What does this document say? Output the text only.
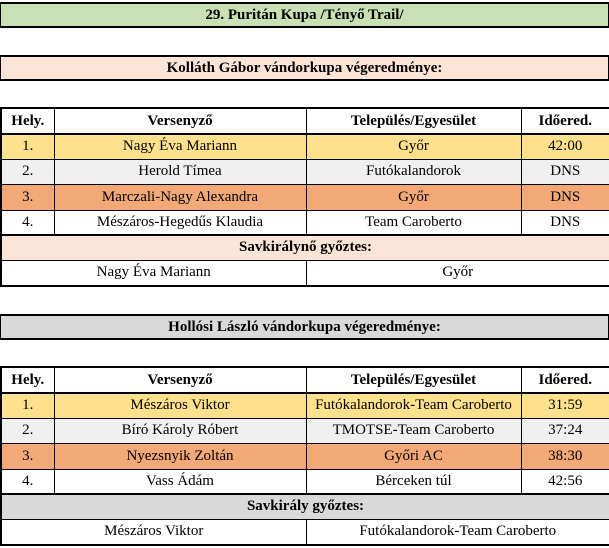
29. Puritán Kupa /Tényő Trail/
Kolláth Gábor vándorkupa végeredménye:
Hely.	Versenyző	Település/Egyesület	Időered.
1.	Nagy Éva Mariann	Győr	42:00
2.	Herold Tímea	Futókalandorok	DNS
3.	Marczali-Nagy Alexandra	Győr	DNS
4.	Mészáros-Hegedűs Klaudia	Team Caroberto	DNS
Savkirálynő győztes:			
Nagy Éva Mariann		Győr	
Hollósi László vándorkupa végeredménye:
Hely.	Versenyző	Település/Egyesület	Időered.
1.	Mészáros Viktor	Futókalandorok-Team Caroberto	31:59
2.	Bíró Károly Róbert	TMOTSE-Team Caroberto	37:24
3.	Nyezsnyik Zoltán	Győri AC	38:30
4.	Vass Ádám	Bérceken túl	42:56
Savkirály győztes:			
Mészáros Viktor		Futókalandorok-Team Caroberto	
